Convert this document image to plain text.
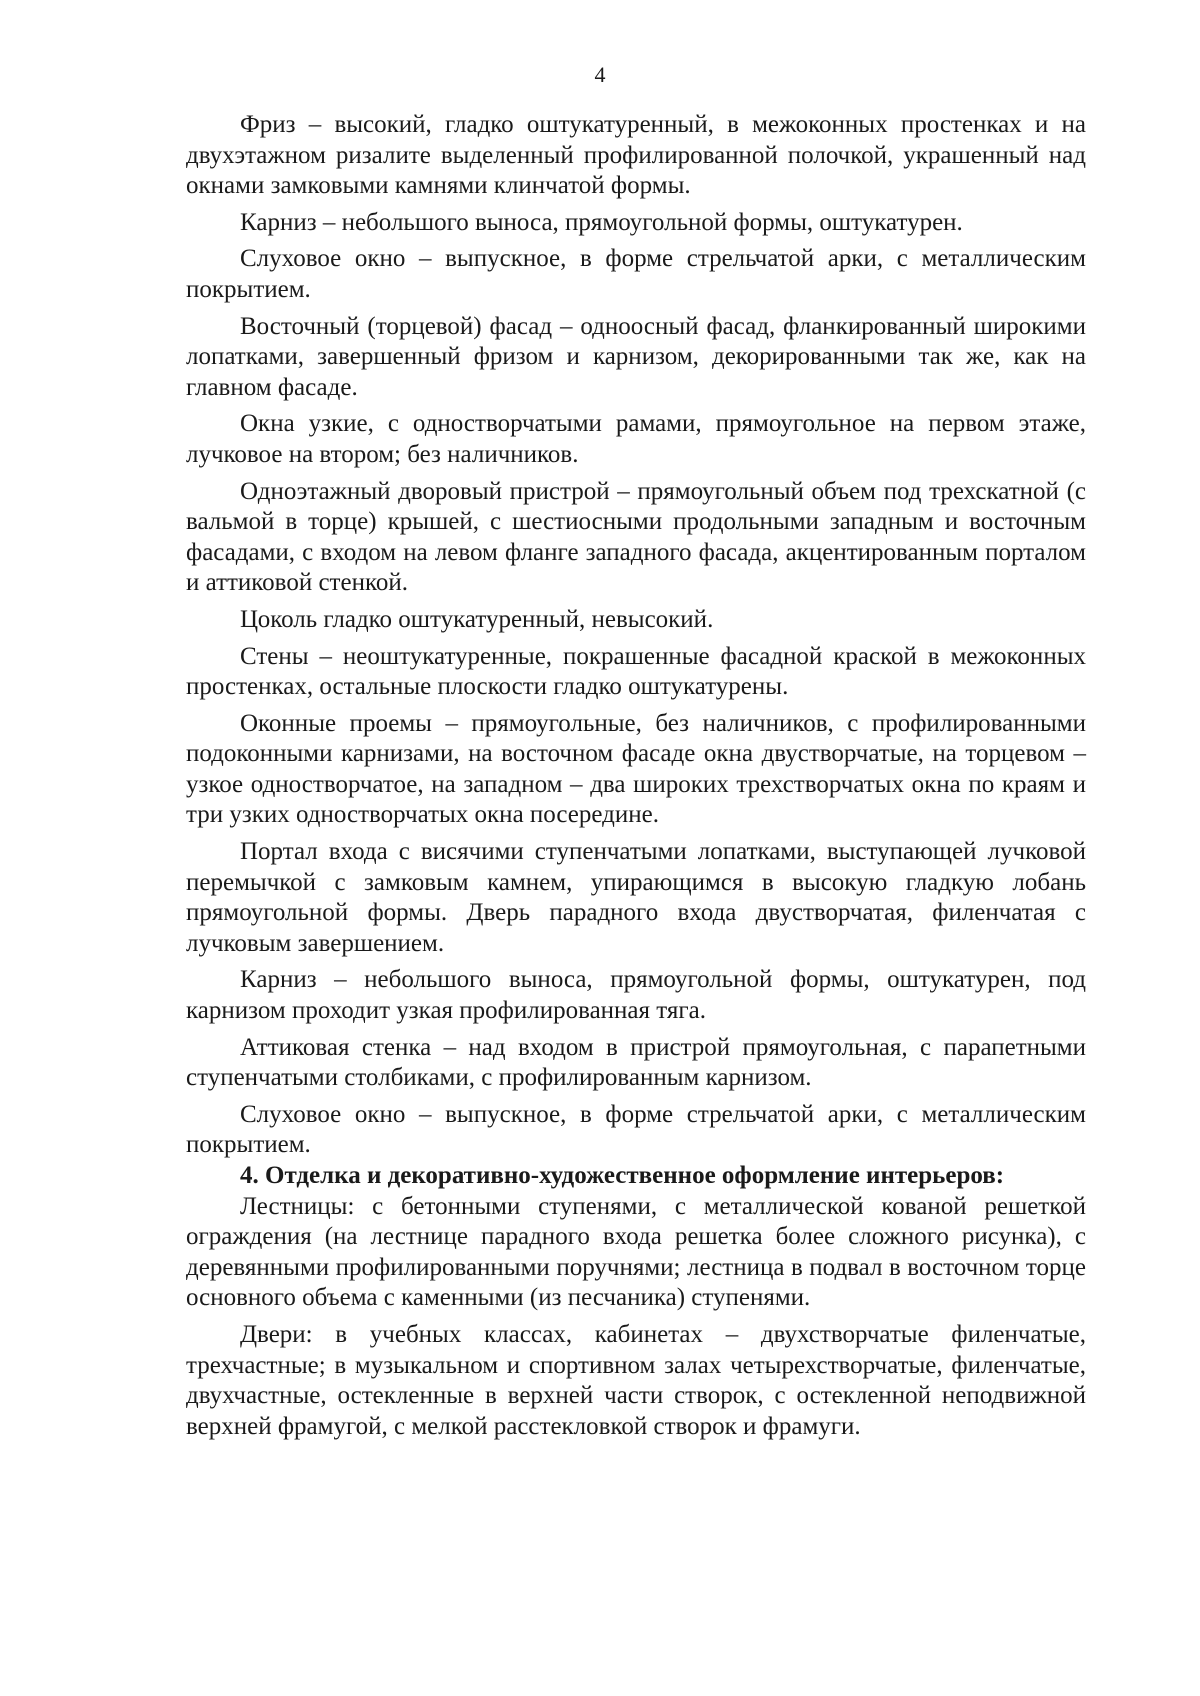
4

Фриз – высокий, гладко оштукатуренный, в межоконных простенках и на двухэтажном ризалите выделенный профилированной полочкой, украшенный над окнами замковыми камнями клинчатой формы.

Карниз – небольшого выноса, прямоугольной формы, оштукатурен.

Слуховое окно – выпускное, в форме стрельчатой арки, с металлическим покрытием.

Восточный (торцевой) фасад – одноосный фасад, фланкированный широкими лопатками, завершенный фризом и карнизом, декорированными так же, как на главном фасаде.

Окна узкие, с одностворчатыми рамами, прямоугольное на первом этаже, лучковое на втором; без наличников.

Одноэтажный дворовый пристрой – прямоугольный объем под трехскатной (с вальмой в торце) крышей, с шестиосными продольными западным и восточным фасадами, с входом на левом фланге западного фасада, акцентированным порталом и аттиковой стенкой.

Цоколь гладко оштукатуренный, невысокий.

Стены – неоштукатуренные, покрашенные фасадной краской в межоконных простенках, остальные плоскости гладко оштукатурены.

Оконные проемы – прямоугольные, без наличников, с профилированными подоконными карнизами, на восточном фасаде окна двустворчатые, на торцевом – узкое одностворчатое, на западном – два широких трехстворчатых окна по краям и три узких одностворчатых окна посередине.

Портал входа с висячими ступенчатыми лопатками, выступающей лучковой перемычкой с замковым камнем, упирающимся в высокую гладкую лобань прямоугольной формы. Дверь парадного входа двустворчатая, филенчатая с лучковым завершением.

Карниз – небольшого выноса, прямоугольной формы, оштукатурен, под карнизом проходит узкая профилированная тяга.

Аттиковая стенка – над входом в пристрой прямоугольная, с парапетными ступенчатыми столбиками, с профилированным карнизом.

Слуховое окно – выпускное, в форме стрельчатой арки, с металлическим покрытием.

4. Отделка и декоративно-художественное оформление интерьеров:

Лестницы: с бетонными ступенями, с металлической кованой решеткой ограждения (на лестнице парадного входа решетка более сложного рисунка), с деревянными профилированными поручнями; лестница в подвал в восточном торце основного объема с каменными (из песчаника) ступенями.

Двери: в учебных классах, кабинетах – двухстворчатые филенчатые, трехчастные; в музыкальном и спортивном залах четырехстворчатые, филенчатые, двухчастные, остекленные в верхней части створок, с остекленной неподвижной верхней фрамугой, с мелкой расстекловкой створок и фрамуги.
